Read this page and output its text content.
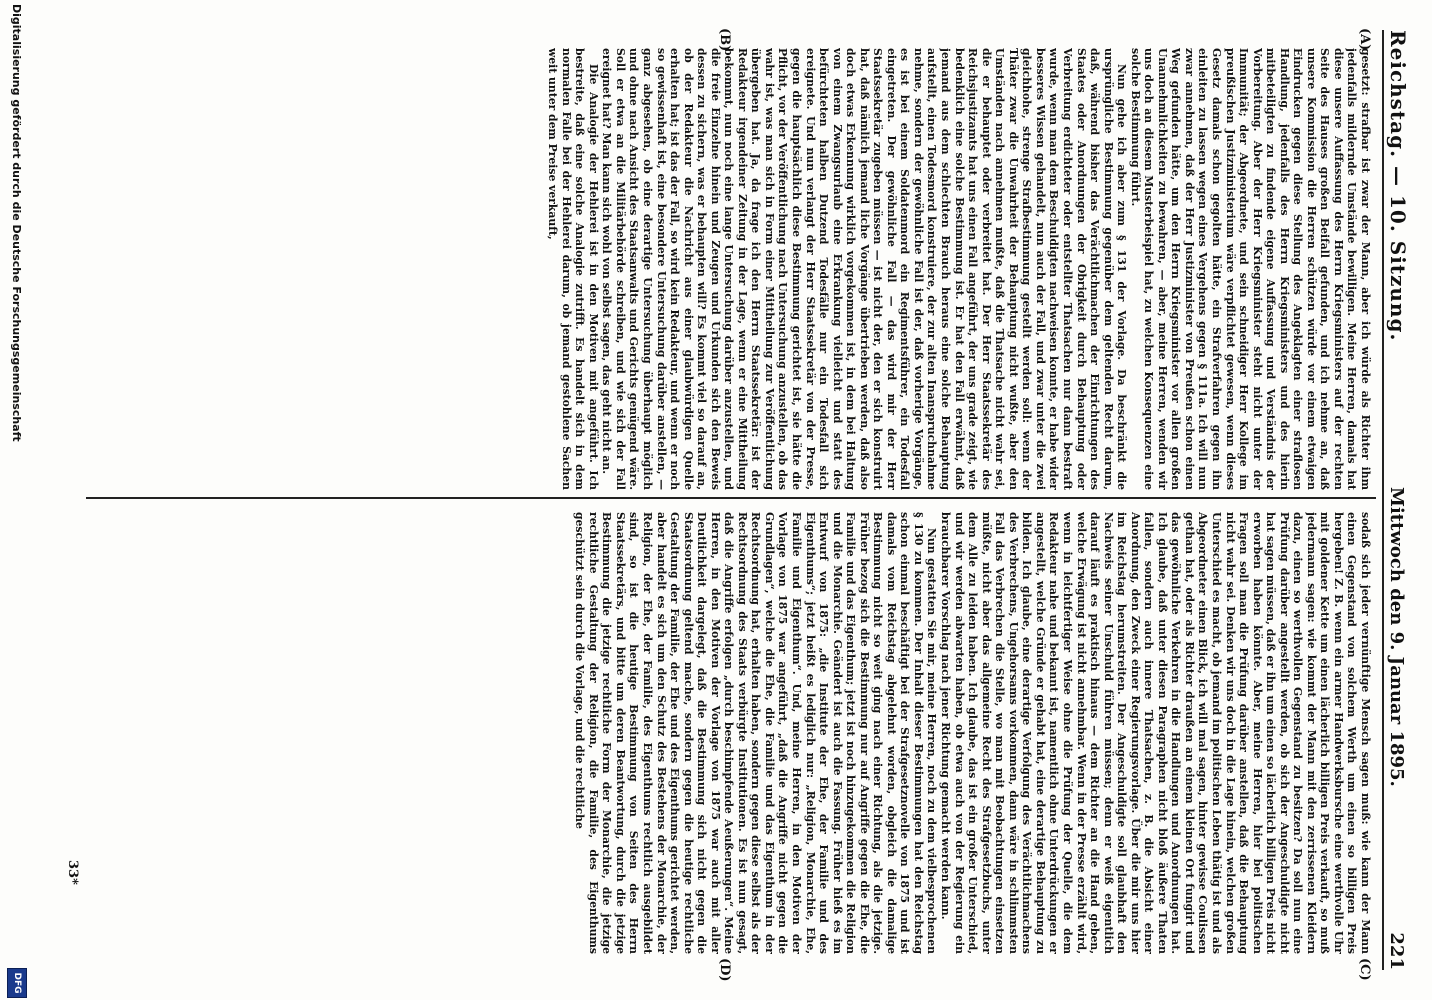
Reichstag. — 10. Sitzung.
Mittwoch den 9. Januar 1895.
221
(A)
(B)
(C)
(D)

gesetzt: strafbar ist zwar der Mann, aber ich würde als Richter ihm jedenfalls mildernde Umstände bewilligen. Meine Herren, damals hat diese unsere Auffassung des Herrn Kriegsministers auf der rechten Seite des Hauses großen Beifall gefunden, und ich nehme an, daß unsere Kommission die Herren schützen würde vor einem etwaigen Eindrucken gegen diese Stellung des Angeklagten einer straflosen Handlung, jedenfalls des Herrn Kriegsministers und des hierin mitbeteiligten zu findende eigene Auffassung und Verständnis der Vorbereitung. Aber der Herr Kriegsminister steht nicht unter der Immunität; der Abgeordnete, und sein schneidiger Herr Kollege im preußischen Justizministerium wäre verpflichtet gewesen, wenn dieses Gesetz damals schon gegolten hätte, ein Strafverfahren gegen ihn einleiten zu lassen wegen eines Vergehens gegen § 111a. Ich will nun zwar annehmen, daß der Herr Justizminister von Preußen schon einen Weg gefunden hätte, um den Herrn Kriegsminister vor allen großen Unannehmlichkeiten zu bewahren, — aber, meine Herren, wenden wir uns doch an diesem Musterbeispiel hat, zu welchen Konsequenzen eine solche Bestimmung führt.

Nun gehe ich aber zum § 131 der Vorlage. Da beschränkt die ursprüngliche Bestimmung gegenüber dem geltenden Recht darum, daß, während bisher das Verächtlichmachen der Einrichtungen des Staates oder Anordnungen der Obrigkeit durch Behauptung oder Verbreitung erdichteter oder entstellter Thatsachen nur dann bestraft wurde, wenn man dem Beschuldigten nachweisen konnte, er habe wider besseres Wissen gehandelt, nun auch der Fall, und zwar unter die zwei gleichhohe, strenge Strafbestimmung gestellt werden soll: wenn der Thäter zwar die Unwahrheit der Behauptung nicht wußte, aber den Umständen nach annehmen mußte, daß die Thatsache nicht wahr sei, die er behauptet oder verbreitet hat. Der Herr Staatssekretär des Reichsjustizamts hat uns einen Fall angeführt, der uns grade zeigt, wie bedenklich eine solche Bestimmung ist. Er hat den Fall erwähnt, daß jemand aus dem schlechten Brauch heraus eine solche Behauptung aufstellt, einen Todesmord konstruiere, der zur alten Inanspruchnahme nehme, sondern der gewöhnliche Fall ist der, daß vorherige Vorgänge, es ist bei einem Soldatenmord ein Regimentsführer, ein Todesfall eingetreten. Der gewöhnliche Fall — das wird mir der Herr Staatssekretär zugeben müssen — ist nicht der, den er sich konstruirt hat, daß nämlich jemand liche Vorgänge übertrieben werden, daß also doch etwas Erkennung wirklich vorgekommen ist, in dem bei Haltung von einem Zwangsurlaub eine Erkrankung vielleicht und statt des befürchteten halben Dutzend Todesfälle nur ein Todesfall sich ereignete. Und nun verlangt der Herr Staatssekretär von der Presse, gegen die hauptsächlich diese Bestimmung gerichtet ist, sie hätte die Pflicht, vor der Veröffentlichung nach Untersuchung anzustellen, ob das wahr ist, was man sich in Form einer Mittheilung zur Veröffentlichung übergeben hat. Ja, da frage ich den Herrn Staatssekretär: ist der Redakteur irgendeiner Zeitung in der Lage, wenn er eine Mittheilung bekommt, nun noch eine lange Untersuchung darüber anzustellen, und die freie Einzelne hinein und Zeugen und Urkunden sich den Beweis dessen zu sichern, was er behaupten will? Es kommt viel so darauf an, ob der Redakteur die Nachricht aus einer glaubwürdigen Quelle erhalten hat; ist das der Fall, so wird kein Redakteur, und wenn er noch so gewissenhaft ist, eine besondere Untersuchung darüber anstellen, — ganz abgesehen, ob eine derartige Untersuchung überhaupt möglich und ohne nach Ansicht des Staatsanwalts und Gerichts genügend wäre. Soll er etwa an die Militärbehörde schreiben, und wie sich der Fall ereignet hat? Man kann sich wohl von selbst sagen, das geht nicht an.

Die Analogie der Hehlerei ist in den Motiven mit angeführt. Ich bestreite, daß eine solche Analogie zutrifft. Es handelt sich in dem normalen Falle bei der Hehlerei darum, ob jemand gestohlene Sachen weit unter dem Preise verkauft,

sodaß sich jeder vernünftige Mensch sagen muß: wie kann der Mann einen Gegenstand von solchem Werth um einen so billigen Preis hergeben! Z. B. wenn ein armer Handwerksbursche eine werthvolle Uhr mit goldener Kette um einen lächerlich billigen Preis verkauft, so muß jedermann sagen: wie kommt der Mann mit den zerrissenen Kleidern dazu, einen so werthvollen Gegenstand zu besitzen? Da soll nun eine Prüfung darüber angestellt werden, ob sich der Angeschuldigte nicht hat sagen müssen, daß er ihn um einen so lächerlich billigen Preis nicht erworben haben könnte. Aber, meine Herren, hier bei politischen Fragen soll man die Prüfung darüber anstellen, daß die Behauptung nicht wahr sei. Denken wir uns doch in die Lage hinein, welchen großen Unterschied es macht, ob jemand im politischen Leben thätig ist und als Abgeordneter einen Blick, ich will mal sagen, hinter gewisse Coulissen gethan hat, oder als Richter draußen an einem kleinen Ort fungirt und das gewöhnliche Verkehren in die Handlungen und Anordnungen hat. Ich glaube, daß unter diesen Paragraphen nicht bloß äußere Thaten fallen, sondern auch innere Thatsachen, z. B. die Absicht einer Anordnung, den Zweck einer Regierungsvorlage. Über die mir uns hier im Reichstag herumstreiten. Der Angeschuldigte soll glaubhaft den Nachweis seiner Unschuld führen müssen; denn er weiß eigentlich darauf läuft es praktisch hinaus — dem Richter an die Hand geben, welche Erwägung ist nicht annehmbar. Wenn in der Presse erzählt wird, wenn in leichtfertiger Weise ohne die Prüfung der Quelle, die dem Redakteur nahe und bekannt ist, namentlich ohne Unterdrückungen er angestellt, welche Gründe er gehabt hat, eine derartige Behauptung zu bilden. Ich glaube, eine derartige Verfolgung des Verächtlichmachens des Verbrechens, Ungehorsams vorkommen, dann wäre in schlimmsten Fall das Verbrechen die Stelle, wo man mit Beobachtungen einsetzen müßte, nicht aber das allgemeine Recht des Strafgesetzbuchs, unter dem Alle zu leiden haben. Ich glaube, das ist ein großer Unterschied, und wir werden abwarten haben, ob etwa auch von der Regierung ein brauchbarer Vorschlag nach jener Richtung gemacht werden kann.

Nun gestatten Sie mir, meine Herren, noch zu dem vielbesprochenen § 130 zu kommen. Der Inhalt dieser Bestimmungen hat den Reichstag schon einmal beschäftigt bei der Strafgesetznovelle von 1875 und ist damals vom Reichstag abgelehnt worden, obgleich die damalige Bestimmung nicht so weit ging nach einer Richtung, als die jetzige. Früher bezog sich die Bestimmung nur auf Angriffe gegen die Ehe, die Familie und das Eigenthum; jetzt ist noch hinzugekommen die Religion und die Monarchie. Geändert ist auch die Fassung. Früher hieß es im Entwurf von 1875: „die Institute der Ehe, der Familie und des Eigenthums“; jetzt heißt es lediglich nur: „Religion, Monarchie, Ehe, Familie und Eigenthum“. Und, meine Herren, in den Motiven der Vorlage von 1875 war angeführt, „daß die Angriffe nicht gegen die Grundlagen“, welche die Ehe, die Familie und das Eigenthum in der Rechtsordnung hat, erhalten haben, sondern gegen diese selbst als der Rechtsordnung des Staats verbürgte Institutionen. Es ist nun gesagt, daß die Angriffe erfolgen „durch beschimpfende Aeußerungen“. Meine Herren, in den Motiven der Vorlage von 1875 war auch mit aller Deutlichkeit dargelegt, daß die Bestimmung sich nicht gegen die Staatsordnung geltend mache, sondern gegen die heutige rechtliche Gestaltung der Familie, der Ehe und des Eigenthums gerichtet werden, aber handelt es sich um den Schutz des Bestehens der Monarchie, der Religion, der Ehe, der Familie, des Eigenthums rechtlich ausgebildet sind, so ist die heutige Bestimmung von Seiten des Herrn Staatssekretärs, und bitte um deren Beantwortung, durch die jetzige Bestimmung die jetzige rechtliche Form der Monarchie, die jetzige rechtliche Gestaltung der Religion, die Familie, des Eigenthums geschützt sein durch die Vorlage, und die rechtliche

33*
Digitalisierung gefördert durch die Deutsche Forschungsgemeinschaft
DFG
